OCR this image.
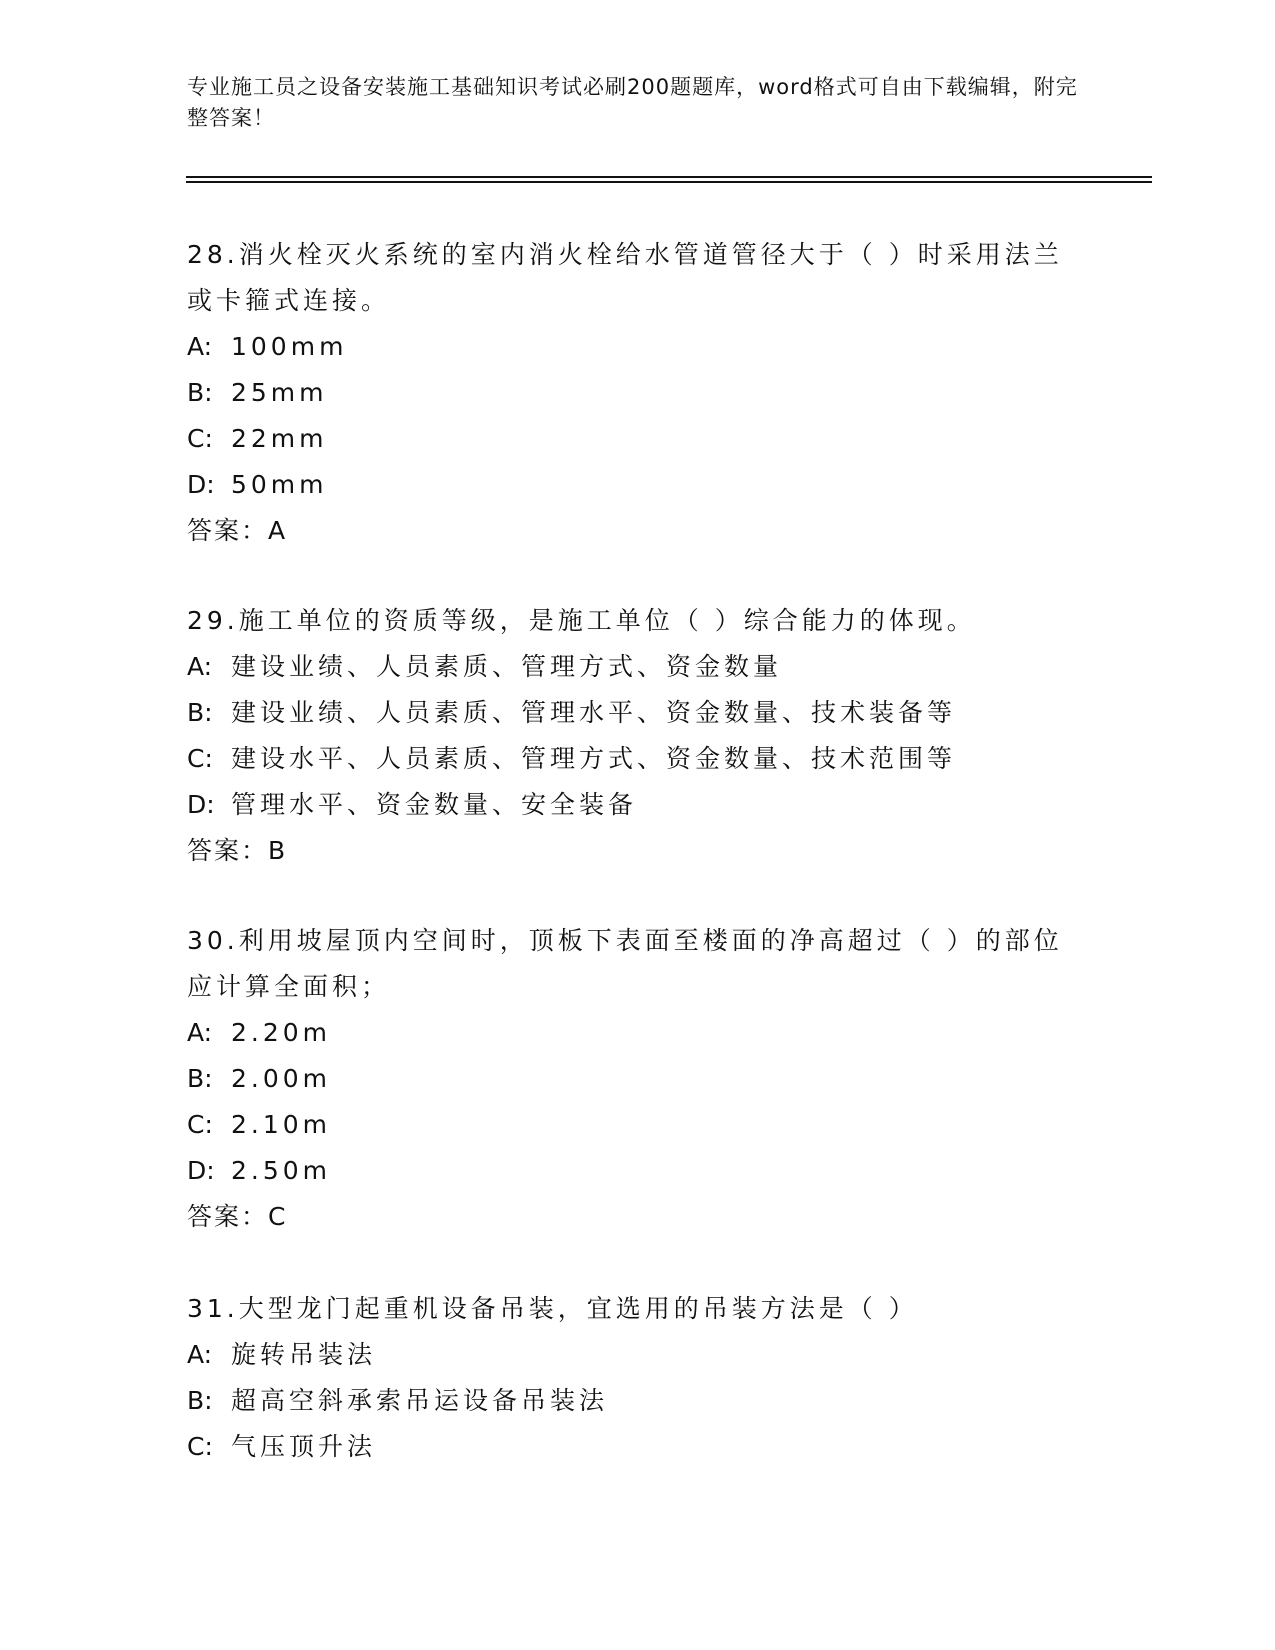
专业施工员之设备安装施工基础知识考试必刷200题题库，word格式可自由下载编辑，附完整答案！

28.消火栓灭火系统的室内消火栓给水管道管径大于（ ）时采用法兰或卡箍式连接。

A: 100mm

B: 25mm

C: 22mm

D: 50mm

答案：A

29.施工单位的资质等级，是施工单位（ ）综合能力的体现。

A: 建设业绩、人员素质、管理方式、资金数量

B: 建设业绩、人员素质、管理水平、资金数量、技术装备等

C: 建设水平、人员素质、管理方式、资金数量、技术范围等

D: 管理水平、资金数量、安全装备

答案：B

30.利用坡屋顶内空间时，顶板下表面至楼面的净高超过（ ）的部位应计算全面积；

A: 2.20m

B: 2.00m

C: 2.10m

D: 2.50m

答案：C

31.大型龙门起重机设备吊装，宜选用的吊装方法是（ ）

A: 旋转吊装法

B: 超高空斜承索吊运设备吊装法

C: 气压顶升法
